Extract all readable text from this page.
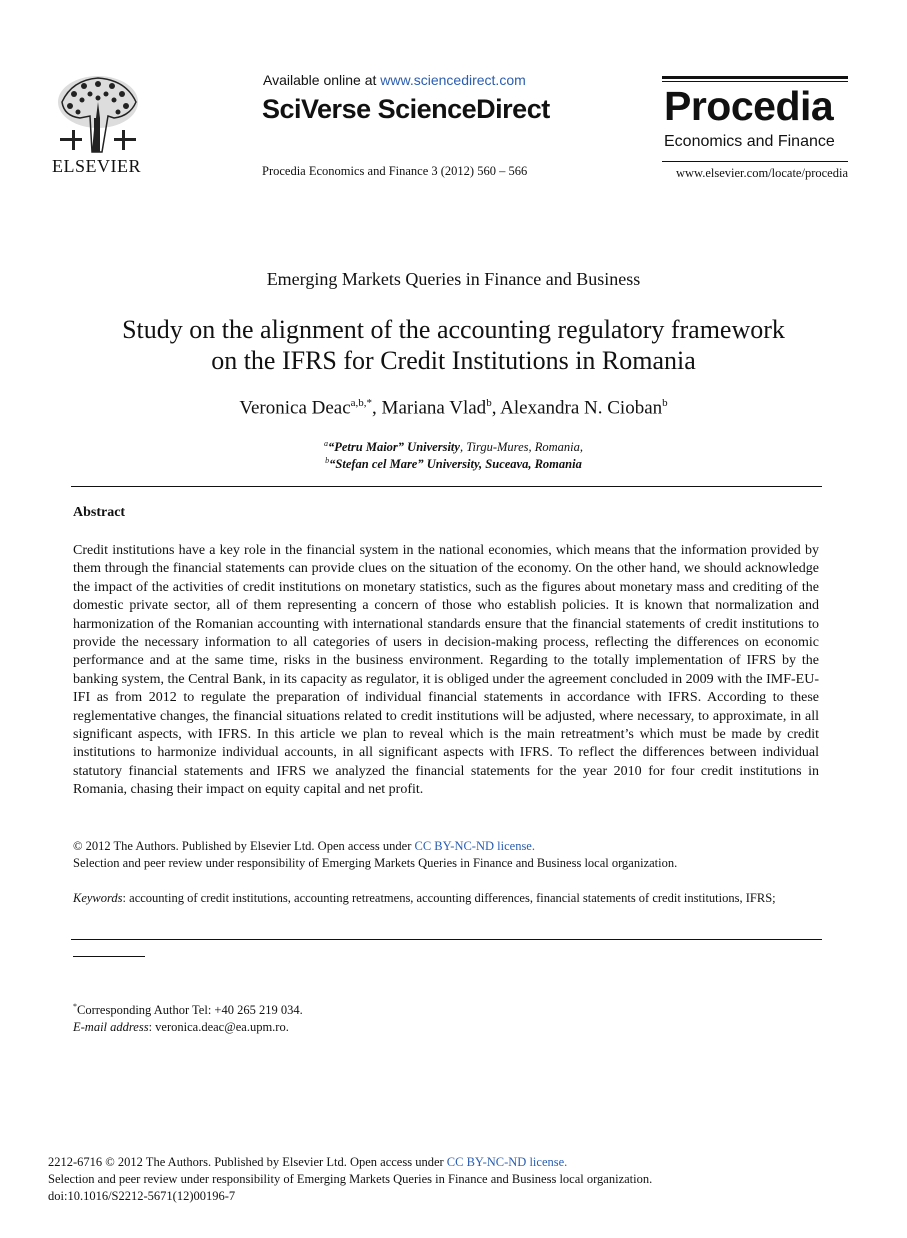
ELSEVIER
Available online at www.sciencedirect.com
SciVerse ScienceDirect
Procedia Economics and Finance 3 (2012) 560 – 566
Procedia
Economics and Finance
www.elsevier.com/locate/procedia
Emerging Markets Queries in Finance and Business
Study on the alignment of the accounting regulatory framework
on the IFRS for Credit Institutions in Romania
Veronica Deac$^{a,b,*}$, Mariana Vlad$^b$, Alexandra N. Cioban$^b$
$^a$“Petru Maior” University, Tirgu-Mures, Romania,
$^b$“Stefan cel Mare” University, Suceava, Romania
Abstract
Credit institutions have a key role in the financial system in the national economies, which means that the information provided by them through the financial statements can provide clues on the situation of the economy. On the other hand, we should acknowledge the impact of the activities of credit institutions on monetary statistics, such as the figures about monetary mass and crediting of the domestic private sector, all of them representing a concern of those who establish policies. It is known that normalization and harmonization of the Romanian accounting with international standards ensure that the financial statements of credit institutions to provide the necessary information to all categories of users in decision-making process, reflecting the differences on economic performance and at the same time, risks in the business environment. Regarding to the totally implementation of IFRS by the banking system, the Central Bank, in its capacity as regulator, it is obliged under the agreement concluded in 2009 with the IMF-EU-IFI as from 2012 to regulate the preparation of individual financial statements in accordance with IFRS. According to these reglementative changes, the financial situations related to credit institutions will be adjusted, where necessary, to approximate, in all significant aspects, with IFRS. In this article we plan to reveal which is the main retreatment’s which must be made by credit institutions to harmonize individual accounts, in all significant aspects with IFRS. To reflect the differences between individual statutory financial statements and IFRS we analyzed the financial statements for the year 2010 for four credit institutions in Romania, chasing their impact on equity capital and net profit.
© 2012 The Authors. Published by Elsevier Ltd. Open access under CC BY-NC-ND license.
Selection and peer review under responsibility of Emerging Markets Queries in Finance and Business local organization.
Keywords: accounting of credit institutions, accounting retreatmens, accounting differences, financial statements of credit institutions, IFRS;
*Corresponding Author Tel: +40 265 219 034.
E-mail address: veronica.deac@ea.upm.ro.
2212-6716 © 2012 The Authors. Published by Elsevier Ltd. Open access under CC BY-NC-ND license.
Selection and peer review under responsibility of Emerging Markets Queries in Finance and Business local organization.
doi:10.1016/S2212-5671(12)00196-7
